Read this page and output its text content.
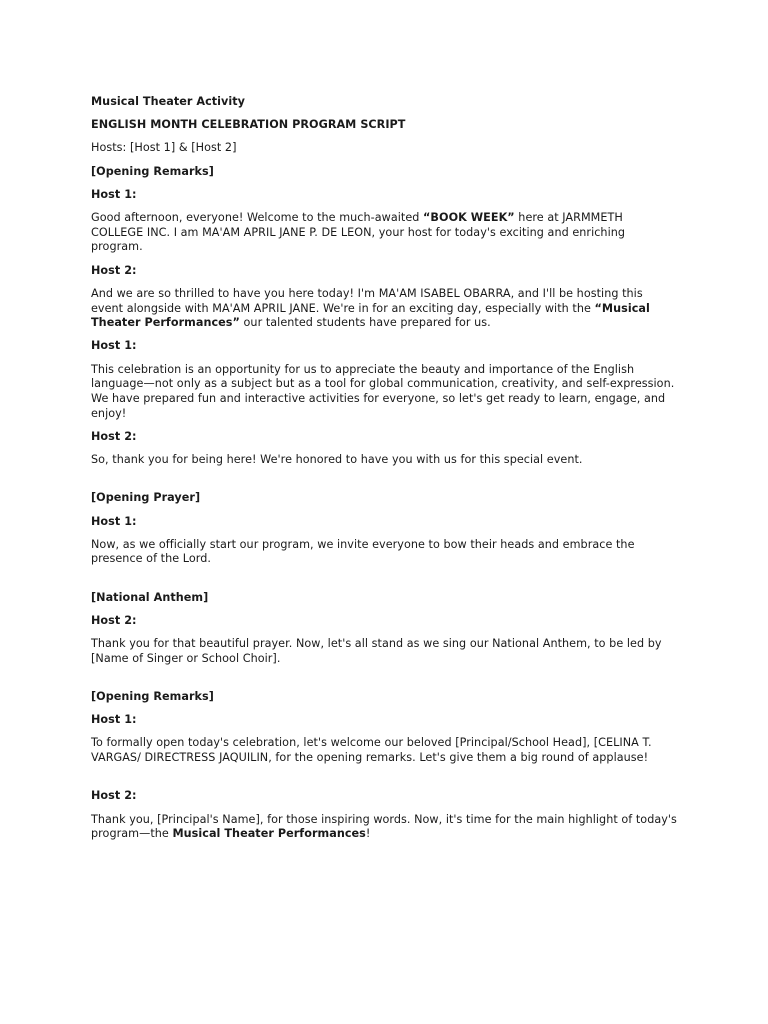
Musical Theater Activity

ENGLISH MONTH CELEBRATION PROGRAM SCRIPT

Hosts: [Host 1] & [Host 2]

[Opening Remarks]

Host 1:

Good afternoon, everyone! Welcome to the much-awaited “BOOK WEEK” here at JARMMETH COLLEGE INC. I am MA'AM APRIL JANE P. DE LEON, your host for today's exciting and enriching program.

Host 2:

And we are so thrilled to have you here today! I'm MA'AM ISABEL OBARRA, and I'll be hosting this event alongside with MA'AM APRIL JANE. We're in for an exciting day, especially with the “Musical Theater Performances” our talented students have prepared for us.

Host 1:

This celebration is an opportunity for us to appreciate the beauty and importance of the English language—not only as a subject but as a tool for global communication, creativity, and self-expression. We have prepared fun and interactive activities for everyone, so let's get ready to learn, engage, and enjoy!

Host 2:

So, thank you for being here! We're honored to have you with us for this special event.

[Opening Prayer]

Host 1:

Now, as we officially start our program, we invite everyone to bow their heads and embrace the presence of the Lord.

[National Anthem]

Host 2:

Thank you for that beautiful prayer. Now, let's all stand as we sing our National Anthem, to be led by [Name of Singer or School Choir].

[Opening Remarks]

Host 1:

To formally open today's celebration, let's welcome our beloved [Principal/School Head], [CELINA T. VARGAS/ DIRECTRESS JAQUILIN, for the opening remarks. Let's give them a big round of applause!

Host 2:

Thank you, [Principal's Name], for those inspiring words. Now, it's time for the main highlight of today's program—the Musical Theater Performances!
